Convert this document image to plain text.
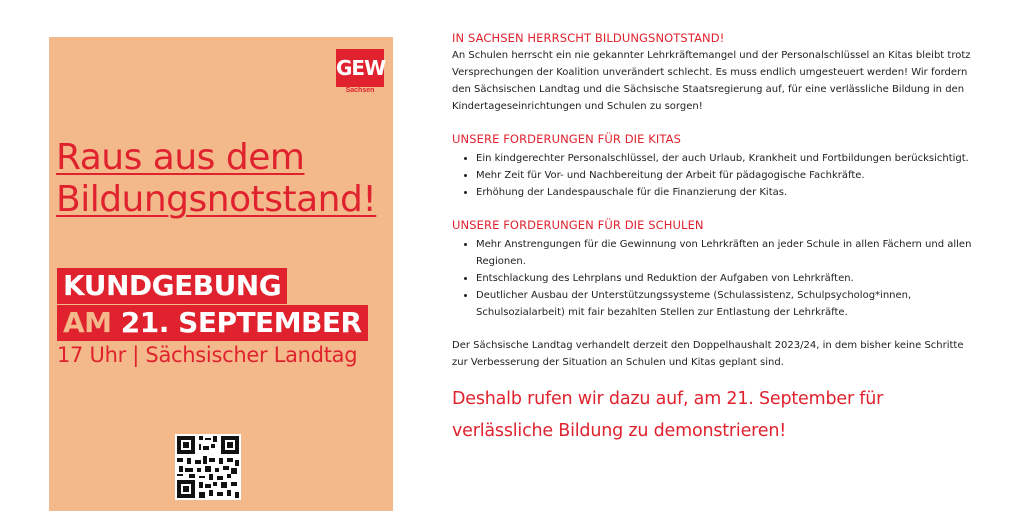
GEW
Sachsen
Raus aus dem
Bildungsnotstand!
KUNDGEBUNG
AM 21. SEPTEMBER
17 Uhr | Sächsischer Landtag
IN SACHSEN HERRSCHT BILDUNGSNOTSTAND!

An Schulen herrscht ein nie gekannter Lehrkräftemangel und der Personalschlüssel an Kitas bleibt trotz Versprechungen der Koalition unverändert schlecht. Es muss endlich umgesteuert werden! Wir fordern den Sächsischen Landtag und die Sächsische Staatsregierung auf, für eine verlässliche Bildung in den Kindertageseinrichtungen und Schulen zu sorgen!

UNSERE FORDERUNGEN FÜR DIE KITAS
• Ein kindgerechter Personalschlüssel, der auch Urlaub, Krankheit und Fortbildungen berücksichtigt.
• Mehr Zeit für Vor- und Nachbereitung der Arbeit für pädagogische Fachkräfte.
• Erhöhung der Landespauschale für die Finanzierung der Kitas.
UNSERE FORDERUNGEN FÜR DIE SCHULEN
• Mehr Anstrengungen für die Gewinnung von Lehrkräften an jeder Schule in allen Fächern und allen Regionen.
• Entschlackung des Lehrplans und Reduktion der Aufgaben von Lehrkräften.
• Deutlicher Ausbau der Unterstützungssysteme (Schulassistenz, Schulpsycholog*innen, Schulsozialarbeit) mit fair bezahlten Stellen zur Entlastung der Lehrkräfte.

Der Sächsische Landtag verhandelt derzeit den Doppelhaushalt 2023/24, in dem bisher keine Schritte zur Verbesserung der Situation an Schulen und Kitas geplant sind.

Deshalb rufen wir dazu auf, am 21. September für verlässliche Bildung zu demonstrieren!
